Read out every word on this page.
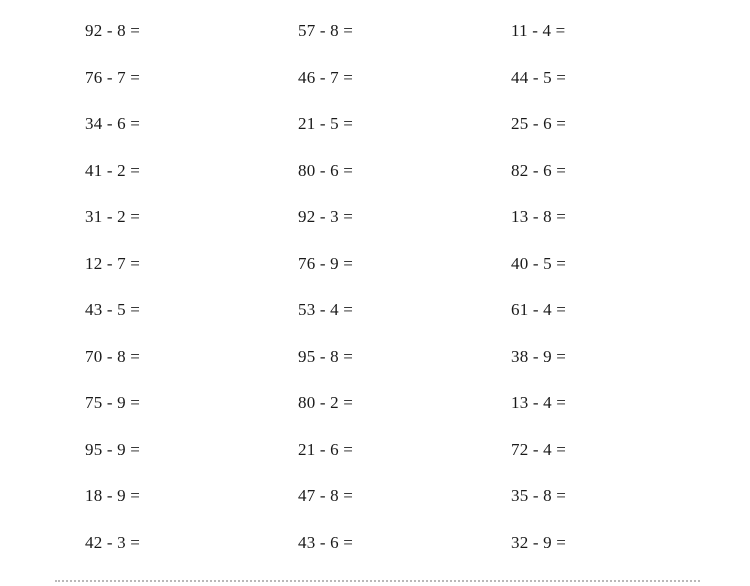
92 - 8 =
76 - 7 =
34 - 6 =
41 - 2 =
31 - 2 =
12 - 7 =
43 - 5 =
70 - 8 =
75 - 9 =
95 - 9 =
18 - 9 =
42 - 3 =
57 - 8 =
46 - 7 =
21 - 5 =
80 - 6 =
92 - 3 =
76 - 9 =
53 - 4 =
95 - 8 =
80 - 2 =
21 - 6 =
47 - 8 =
43 - 6 =
11 - 4 =
44 - 5 =
25 - 6 =
82 - 6 =
13 - 8 =
40 - 5 =
61 - 4 =
38 - 9 =
13 - 4 =
72 - 4 =
35 - 8 =
32 - 9 =
